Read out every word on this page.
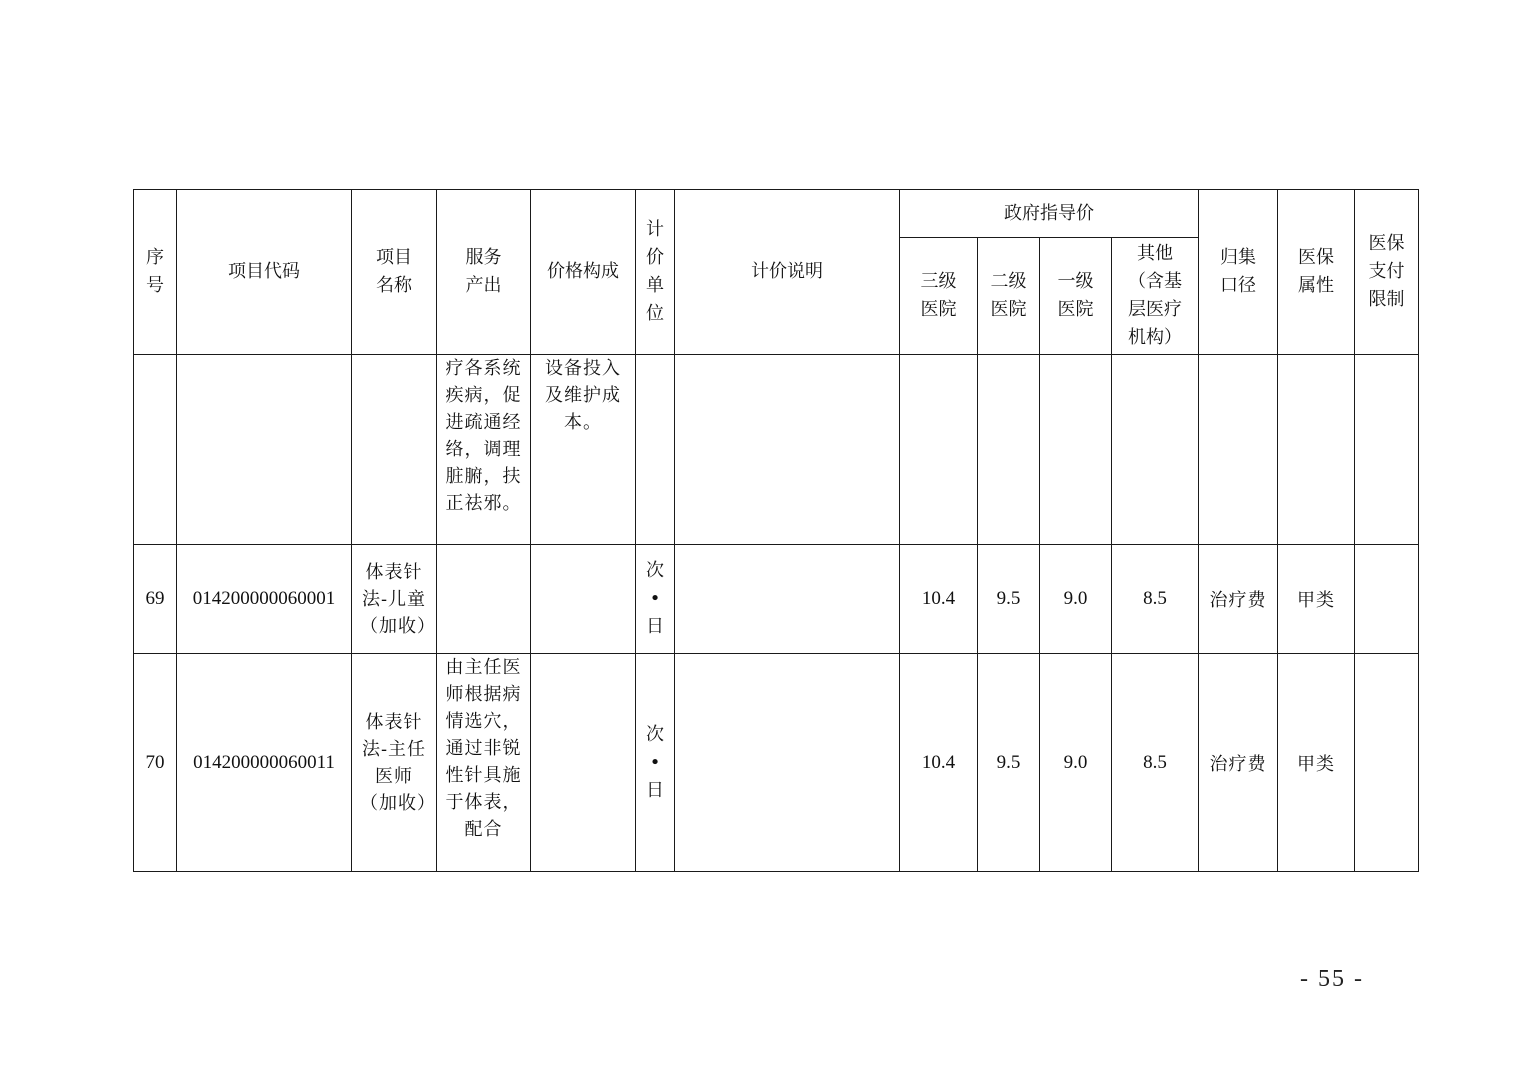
序号	项目代码	项目名称	服务产出	价格构成	计价单位	计价说明	政府指导价				归集口径	医保属性	医保支付限制
							三级医院	二级医院	一级医院	其他（含基层医疗机构）			
			疗各系统疾病，促进疏通经络，调理脏腑，扶正祛邪。	设备投入及维护成本。									
69	014200000060001	体表针法-儿童（加收）			次•日		10.4	9.5	9.0	8.5	治疗费	甲类	
70	014200000060011	体表针法-主任医师（加收）	由主任医师根据病情选穴，通过非锐性针具施于体表，配合		次•日		10.4	9.5	9.0	8.5	治疗费	甲类	
- 55 -
